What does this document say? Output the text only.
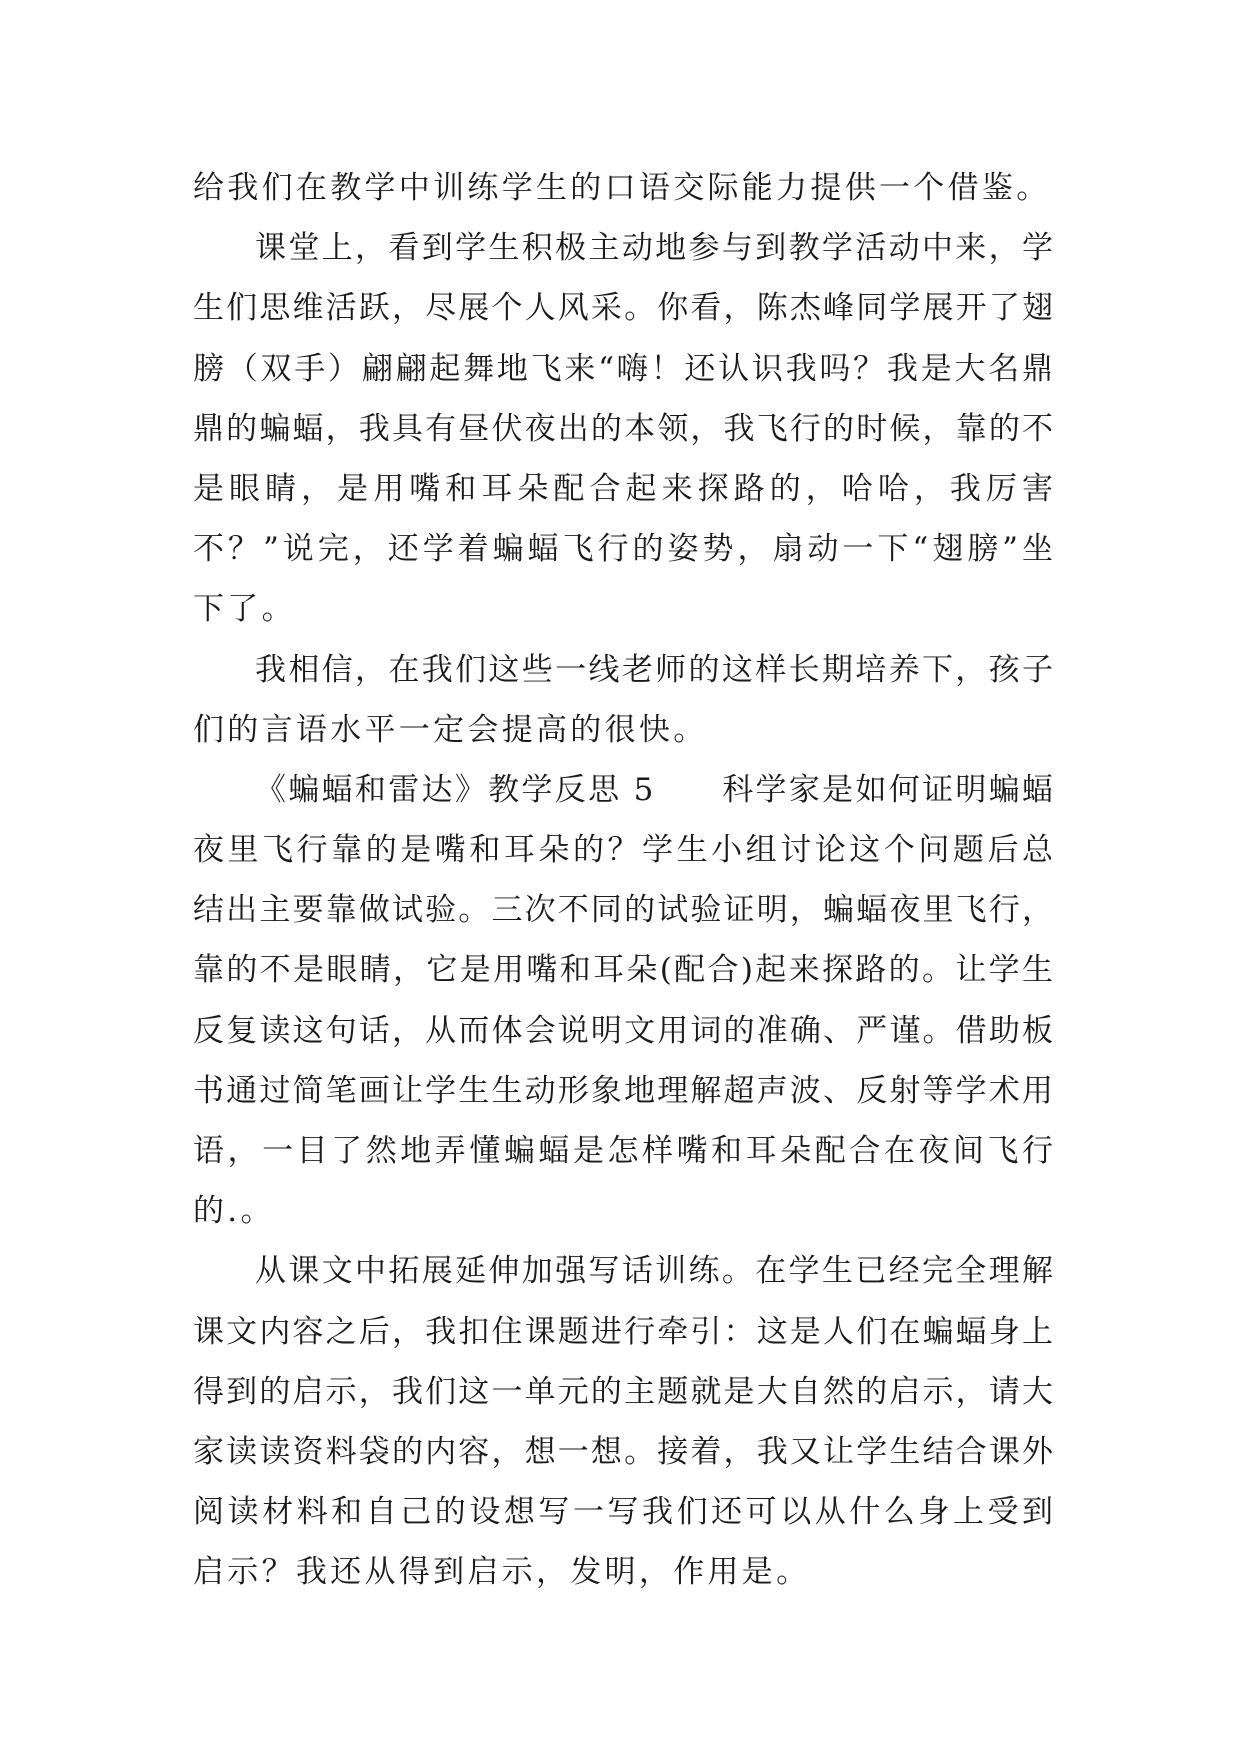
给我们在教学中训练学生的口语交际能力提供一个借鉴。
课堂上，看到学生积极主动地参与到教学活动中来，学
生们思维活跃，尽展个人风采。你看，陈杰峰同学展开了翅
膀（双手）翩翩起舞地飞来“嗨！还认识我吗？我是大名鼎
鼎的蝙蝠，我具有昼伏夜出的本领，我飞行的时候，靠的不
是眼睛，是用嘴和耳朵配合起来探路的，哈哈，我厉害
不？”说完，还学着蝙蝠飞行的姿势，扇动一下“翅膀”坐
下了。
我相信，在我们这些一线老师的这样长期培养下，孩子
们的言语水平一定会提高的很快。
《蝙蝠和雷达》教学反思 5　　科学家是如何证明蝙蝠
夜里飞行靠的是嘴和耳朵的？学生小组讨论这个问题后总
结出主要靠做试验。三次不同的试验证明，蝙蝠夜里飞行，
靠的不是眼睛，它是用嘴和耳朵(配合)起来探路的。让学生
反复读这句话，从而体会说明文用词的准确、严谨。借助板
书通过简笔画让学生生动形象地理解超声波、反射等学术用
语，一目了然地弄懂蝙蝠是怎样嘴和耳朵配合在夜间飞行
的.。
从课文中拓展延伸加强写话训练。在学生已经完全理解
课文内容之后，我扣住课题进行牵引：这是人们在蝙蝠身上
得到的启示，我们这一单元的主题就是大自然的启示，请大
家读读资料袋的内容，想一想。接着，我又让学生结合课外
阅读材料和自己的设想写一写我们还可以从什么身上受到
启示？我还从得到启示，发明，作用是。
